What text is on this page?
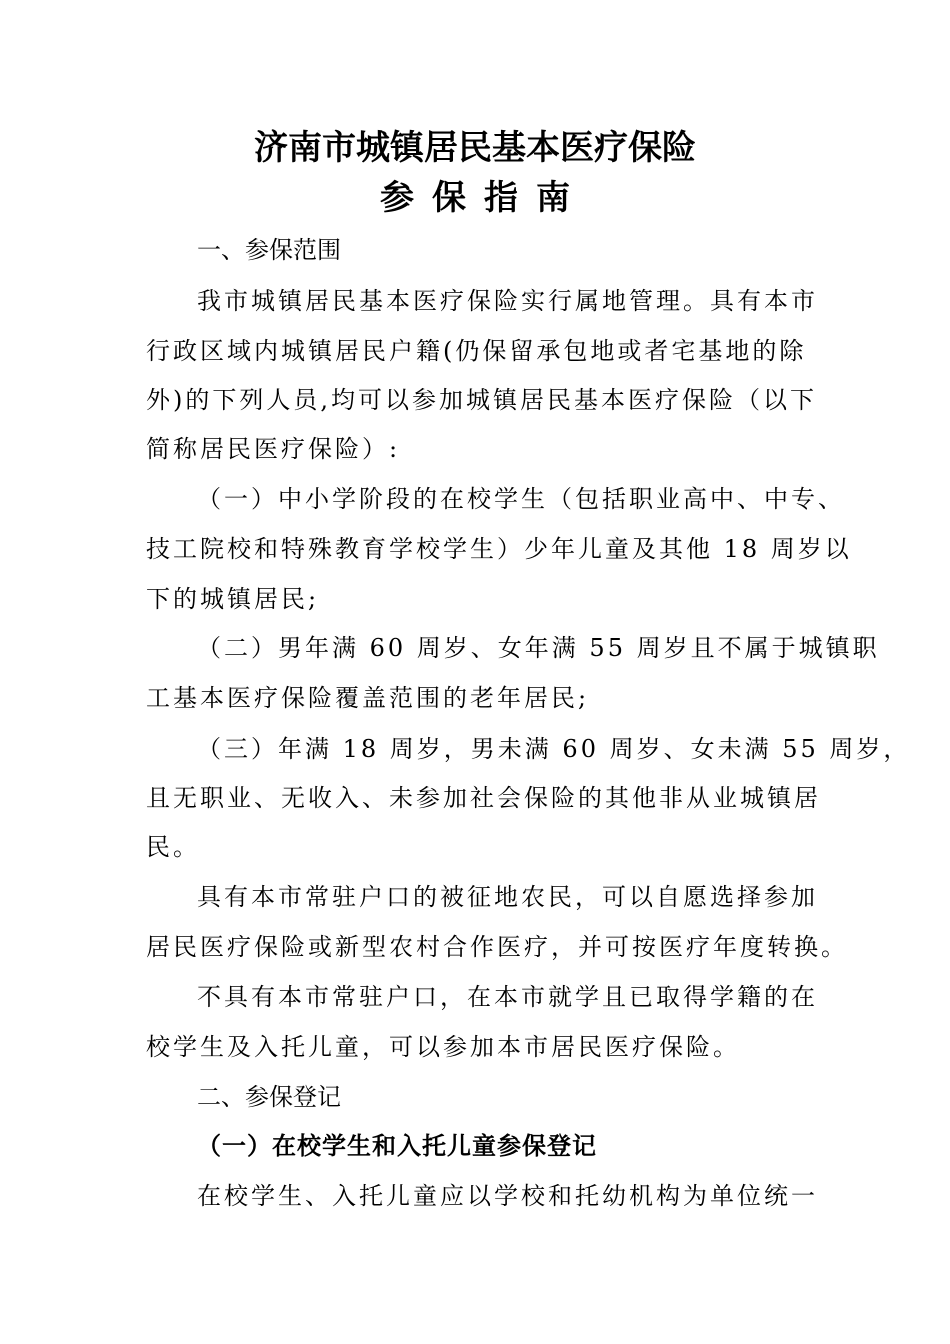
济南市城镇居民基本医疗保险
参保指南
一、参保范围
我市城镇居民基本医疗保险实行属地管理。具有本市
行政区域内城镇居民户籍(仍保留承包地或者宅基地的除
外)的下列人员,均可以参加城镇居民基本医疗保险（以下
简称居民医疗保险）:
（一）中小学阶段的在校学生（包括职业高中、中专、
技工院校和特殊教育学校学生）少年儿童及其他 18 周岁以
下的城镇居民;
（二）男年满 60 周岁、女年满 55 周岁且不属于城镇职
工基本医疗保险覆盖范围的老年居民;
（三）年满 18 周岁，男未满 60 周岁、女未满 55 周岁，
且无职业、无收入、未参加社会保险的其他非从业城镇居
民。
具有本市常驻户口的被征地农民，可以自愿选择参加
居民医疗保险或新型农村合作医疗，并可按医疗年度转换。
不具有本市常驻户口，在本市就学且已取得学籍的在
校学生及入托儿童，可以参加本市居民医疗保险。
二、参保登记
（一）在校学生和入托儿童参保登记
在校学生、入托儿童应以学校和托幼机构为单位统一
